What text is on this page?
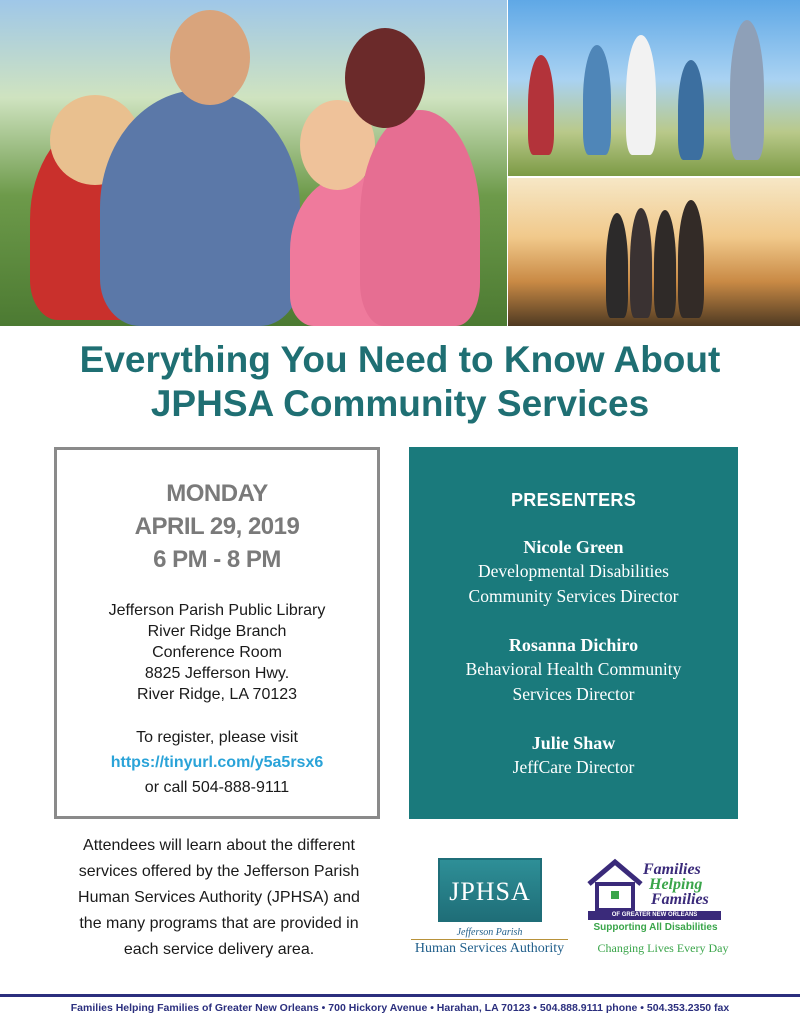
Everything You Need to Know About
JPHSA Community Services
MONDAY
APRIL 29, 2019
6 PM - 8 PM
Jefferson Parish Public Library
River Ridge Branch
Conference Room
8825 Jefferson Hwy.
River Ridge, LA 70123
To register, please visit
https://tinyurl.com/y5a5rsx6
or call 504-888-9111
PRESENTERS
Nicole Green
Developmental Disabilities
Community Services Director
Rosanna Dichiro
Behavioral Health Community
Services Director
Julie Shaw
JeffCare Director
Attendees will learn about the different
services offered by the Jefferson Parish
Human Services Authority (JPHSA) and
the many programs that are provided in
each service delivery area.
JPHSA
Jefferson Parish
Human Services Authority
Families
Helping
Families
OF GREATER NEW ORLEANS
Supporting All Disabilities
Changing Lives Every Day
Families Helping Families of Greater New Orleans • 700 Hickory Avenue • Harahan, LA 70123 • 504.888.9111 phone • 504.353.2350 fax
